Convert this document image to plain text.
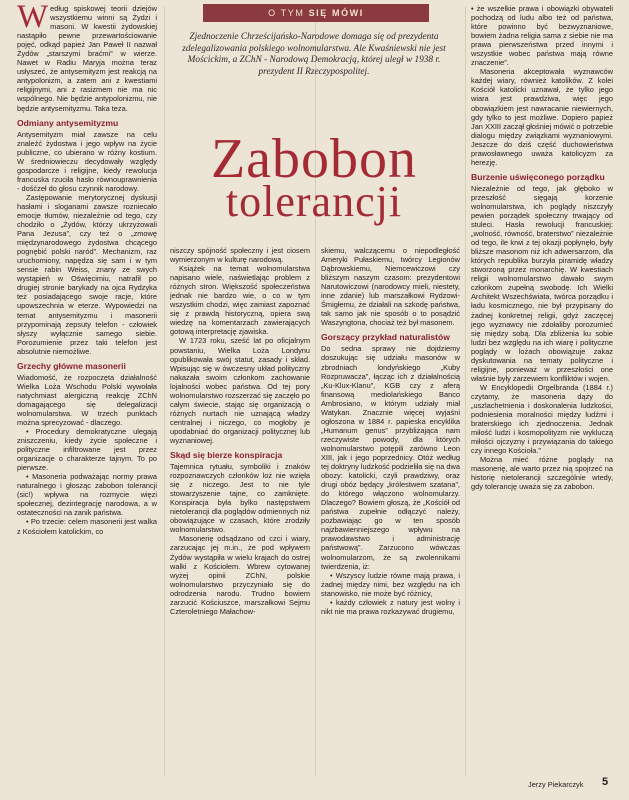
O TYM SIĘ MÓWI
Zjednoczenie Chrześcijańsko-Narodowe domaga się od prezydenta zdelegalizowania polskiego wolnomularstwa. Ale Kwaśniewski nie jest Mościckim, a ZChN - Narodową Demokracją, której uległ w 1938 r. prezydent II Rzeczypospolitej.
Zabobon
tolerancji

Według spiskowej teorii dziejów wszystkiemu winni są Żydzi i masoni. W kwestii żydowskiej nastąpiło pewne przewartościowanie pojęć, odkąd papież Jan Paweł II nazwał Żydów „starszymi braćmi” w wierze. Nawet w Radiu Maryja można teraz usłyszeć, że antysemityzm jest reakcją na antypolonizm, a zatem ani z kwestiami religijnymi, ani z rasizmem nie ma nic wspólnego. Nie będzie antypolonizmu, nie będzie antysemityzmu. Taka teza.

Odmiany antysemityzmu

Antysemityzm miał zawsze na celu znaleźć żydostwa i jego wpływ na życie publiczne, co ubierano w różny kostium. W średniowieczu decydowały względy gospodarcze i religijne, kiedy rewolucja francuska rzuciła hasło równouprawnienia - dośćzeł do głosu czynnik narodowy.

Zastępowanie merytorycznej dyskusji hasłami i sloganami zawsze rozniecało emocje tłumów, niezależnie od tego, czy chodziło o „Żydów, którzy ukrzyżowali Pana Jezusa”, czy też o „zmowę międzynarodowego żydostwa chcącego pognębić polski naród”. Mechanizm, raz uruchomiony, napędza się sam i w tym sensie rabin Weiss, znany ze swych wystąpień w Oświęcimiu, natrafił po drugiej stronie barykady na ojca Rydzyka też posiadającego swoje racje, które upowszechnia w eterze. Wypowiedzi na temat antysemityzmu i masonerii przypominają zepsuty telefon - człowiek słyszy wyłącznie samego siebie. Porozumienie przez taki telefon jest absolutnie niemożliwe.

Grzechy główne masonerii

Wiadomość, że rozpoczęta działalność Wielka Loża Wschodu Polski wywołała natychmiast alergiczną reakcję ZChN domagającego się delegalizacji wolnomularstwa. W trzech punktach można sprecyzować - dlaczego.

• Procedury demokratyczne ulegają zniszczeniu, kiedy życie społeczne i polityczne infiltrowane jest przez organizacje o charakterze tajnym. To po pierwsze.

• Masoneria podważając normy prawa naturalnego i głosząc zabobon tolerancji (sic!) wpływa na rozmycie więzi społecznej, dezintegrację narodowa, a w ostateczności na zanik państwa.

• Po trzecie: celem masonerii jest walka z Kościołem katolickim, co

niszczy spójność społeczny i jest ciosem wymierzonym w kulturę narodową.

Książek na temat wolnomularstwa napisano wiele, naświetlając problem z różnych stron. Większość społeczeństwa jednak nie bardzo wie, o co w tym wszystkim chodzi, więc zamiast zapoznać się z prawdą historyczną, opiera swą wiedzę na komentarzach zawierających gotową interpretację zjawiska.

W 1723 roku, sześć lat po oficjalnym powstaniu, Wielka Loża Londynu opublikowała swój statut, zasady i skład. Wpisując się w ówczesny układ polityczny nakazała swoim członkom zachowanie lojalności wobec państwa. Od tej pory wolnomularstwo rozszerzać się zaczęło po całym świecie, stając się organizacją o różnych nurtach nie uznającą władzy centralnej i niczego, co mogłoby je upodabniać do organizacji politycznej lub wyznaniowej.

Skąd się bierze konspiracja

Tajemnica rytuału, symboliki i znaków rozpoznawczych członków loż nie wzięła się z niczego. Jest to nie tyle stowarzyszenie tajne, co zamknięte. Konspiracja była bylko następstwem nietolerancji dla poglądów odmiennych niż obowiązujące w czasach, które zrodziły wolnomularstwo.

Masonerię odsądzano od czci i wiary, zarzucając jej m.in., że pod wpływem Żydów wystąpiła w wielu krajach do ostrej walki z Kościołem. Wbrew cytowanej wyżej opinii ZChN, polskie wolnomularstwo przyczyniało się do odrodzenia narodu. Trudno bowiem zarzucić Kościuszce, marszałkowi Sejmu Czteroletniego Małachow-

skiemu, walczącemu o niepodległość Ameryki Pułaskiemu, twórcy Legionów Dąbrowskiemu, Niemcewiczowi czy bliższym naszym czasom: prezydentowi Narutowiczowi (narodowcy mieli, niestety, inne zdanie) lub marszałkowi Rydzowi-Śmigłemu, że działali na szkodę państwa, tak samo jak nie sposób o to posądzić Waszyngtona, chociaż też był masonem.

Gorszący przykład naturalistów

Do sedna sprawy nie dojdziemy doszukując się udziału masonów w zbrodniach londyńskiego „Kuby Rozpruwacza”, łącząc ich z działalnością „Ku-Klux-Klanu”, KGB czy z aferą finansową mediolańskiego Banco Ambrosiano, w którym udziały miał Watykan. Znacznie więcej wyjaśni ogłoszona w 1884 r. papieska encyklika „Humanum genus” przybliżająca nam rzeczywiste powody, dla których wolnomularstwo potępili zarówno Leon XIII, jak i jego poprzednicy. Otóż według tej doktryny ludzkość podzieliła się na dwa obozy: katolicki, czyli prawdziwy, oraz drugi obóz będący „królestwem szatana”, do którego włączono wolnomularzy. Dlaczego? Bowiem głoszą, że „Kościół od państwa zupełnie odłączyć należy, pozbawiając go w ten sposób najzbawienniejszego wpływu na prawodawstwo i administrację państwową”. Zarzucono wówczas wolnomularzom, że są zwolennikami twierdzenia, iż:

• Wszyscy ludzie równe mają prawa, i żadnej między nimi, bez względu na ich stanowisko, nie może być różnicy,

• każdy człowiek z natury jest wolny i nikt nie ma prawa rozkazywać drugiemu,

• że wszelkie prawa i obowiązki obywateli pochodzą od ludu albo też od państwa, które powinno być bezwyznaniowe, bowiem żadna religia sama z siebie nie ma prawa pierwszeństwa przed innymi i wszystkie wobec państwa mają równe znaczenie”.

Masoneria akceptowała wyznawców każdej wiary, również katolików. Z kolei Kościół katolicki uznawał, że tylko jego wiara jest prawdziwa, więc jego obowiązkiem jest nawracanie niewiernych, gdy tylko to jest możliwe. Dopiero papież Jan XXIII zaczął głośniej mówić o potrzebie dialogu między związkami wyznaniowymi. Jeszcze do dziś część duchowieństwa prawosławnego uważa katolicyzm za herezję.

Burzenie uświęconego porządku

Niezależnie od tego, jak głęboko w przeszłość sięgają korzenie wolnomularstwa, ich poglądy niszczyły pewien porządek społeczny trwający od stuleci. Hasła rewolucji francuskiej: „wolność, równość, braterstwo” niezależnie od tego, ile krwi z tej okazji popłynęło, były bliższe masonom niż ich adwersarzom, dla których republika burzyła piramidę władzy stworzoną przez monarchię. W kwestiach religii wolnomularstwo dawało swym członkom zupełną swobodę. Ich Wielki Architekt Wszechświata, twórca porządku i ładu kosmicznego, nie był przypisany do żadnej konkretnej religii, gdyż zaczęcej jego wyznawcy nie zdołaliby porozumieć się między sobą. Dla zbliżenia ku sobie ludzi bez względu na ich wiarę i polityczne poglądy w lożach obowiązuje zakaz dyskutowania na tematy polityczne i religijne, ponieważ w przeszłości one właśnie były zarzewiem konfliktów i wojen.

W Encyklopedii Orgelbranda (1884 r.) czytamy, że masoneria dąży do „uszlachetnienia i doskonalenia ludzkości, podniesienia moralności między ludźmi i braterskiego ich zjednoczenia. Jednak miłość ludzi i kosmopolityzm nie wykluczą miłości ojczyzny i przywiązania do takiego czy innego Kościoła.”

Można mieć różne poglądy na masonerię, ale warto przez nią spojrzeć na historię nietolerancji szczególnie wtedy, gdy tolerancję uważa się za zabobon.

Jerzy Piekarczyk 5
